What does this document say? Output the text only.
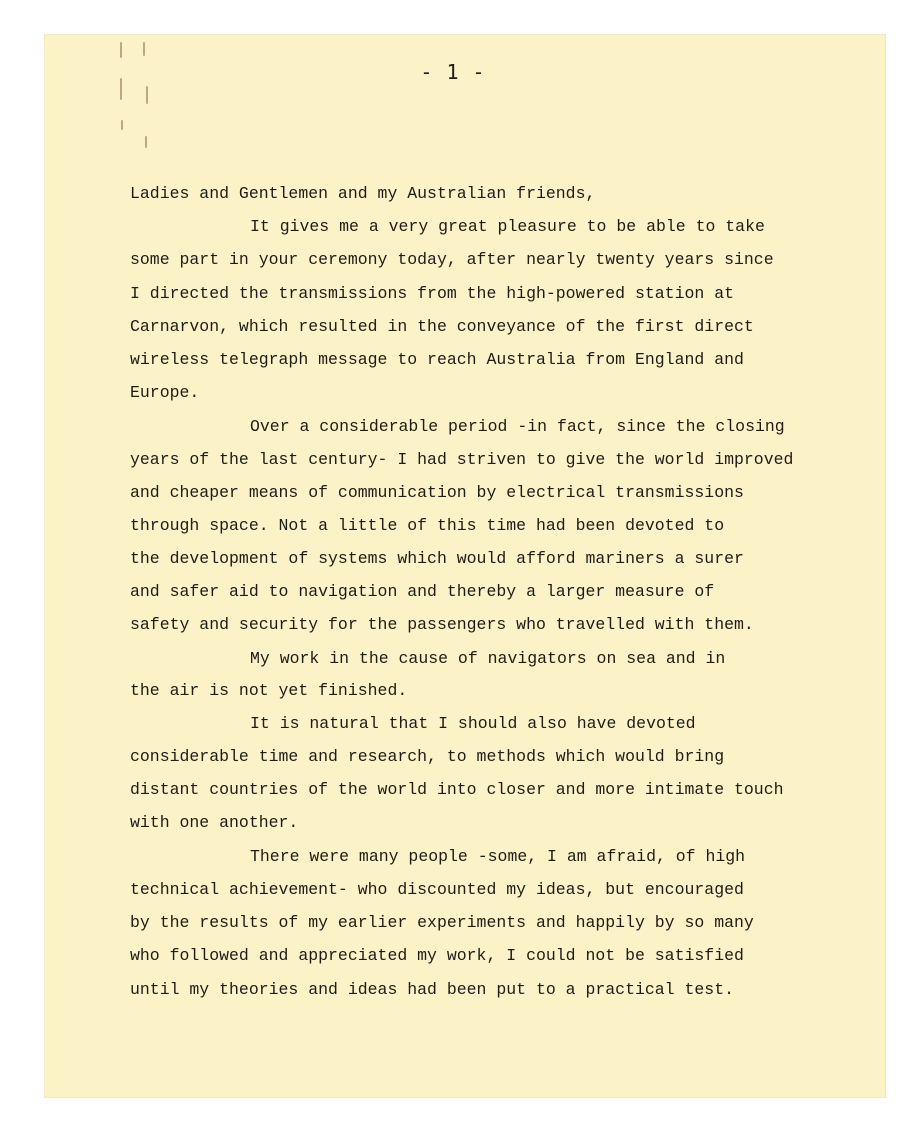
- 1 -
Ladies and Gentlemen and my Australian friends,
It gives me a very great pleasure to be able to take
some part in your ceremony today, after nearly twenty years since
I directed the transmissions from the high-powered station at
Carnarvon, which resulted in the conveyance of the first direct
wireless telegraph message to reach Australia from England and
Europe.
Over a considerable period -in fact, since the closing
years of the last century- I had striven to give the world improved
and cheaper means of communication by electrical transmissions
through space. Not a little of this time had been devoted to
the development of systems which would afford mariners a surer
and safer aid to navigation and thereby a larger measure of
safety and security for the passengers who travelled with them.
My work in the cause of navigators on sea and in
the air is not yet finished.
It is natural that I should also have devoted
considerable time and research, to methods which would bring
distant countries of the world into closer and more intimate touch
with one another.
There were many people -some, I am afraid, of high
technical achievement- who discounted my ideas, but encouraged
by the results of my earlier experiments and happily by so many
who followed and appreciated my work, I could not be satisfied
until my theories and ideas had been put to a practical test.
